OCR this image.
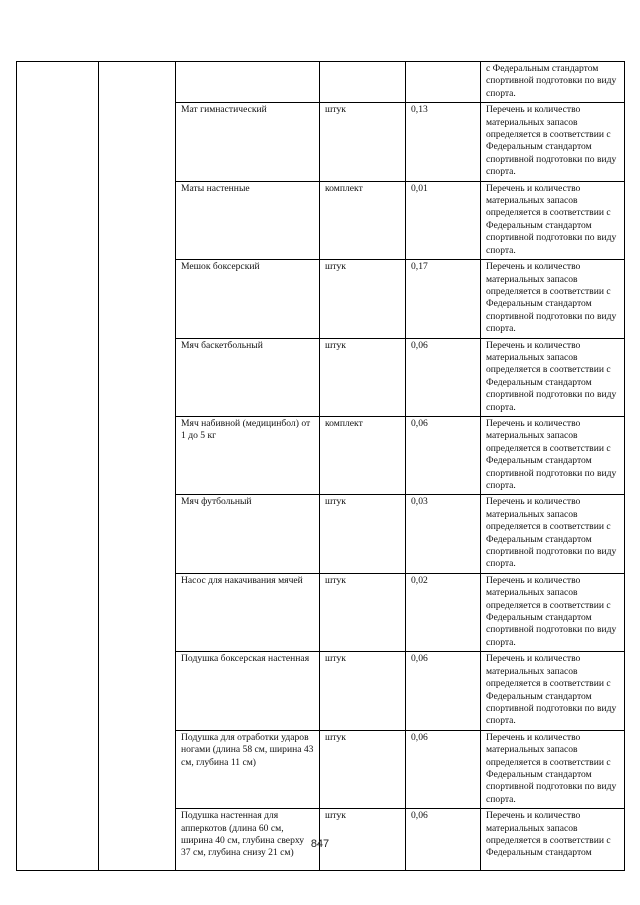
					с Федеральным стандартом спортивной подготовки по виду спорта.
		Мат гимнастический	штук	0,13	Перечень и количество материальных запасов определяется в соответствии с Федеральным стандартом спортивной подготовки по виду спорта.
		Маты настенные	комплект	0,01	Перечень и количество материальных запасов определяется в соответствии с Федеральным стандартом спортивной подготовки по виду спорта.
		Мешок боксерский	штук	0,17	Перечень и количество материальных запасов определяется в соответствии с Федеральным стандартом спортивной подготовки по виду спорта.
		Мяч баскетбольный	штук	0,06	Перечень и количество материальных запасов определяется в соответствии с Федеральным стандартом спортивной подготовки по виду спорта.
		Мяч набивной (медицинбол) от 1 до 5 кг	комплект	0,06	Перечень и количество материальных запасов определяется в соответствии с Федеральным стандартом спортивной подготовки по виду спорта.
		Мяч футбольный	штук	0,03	Перечень и количество материальных запасов определяется в соответствии с Федеральным стандартом спортивной подготовки по виду спорта.
		Насос для накачивания мячей	штук	0,02	Перечень и количество материальных запасов определяется в соответствии с Федеральным стандартом спортивной подготовки по виду спорта.
		Подушка боксерская настенная	штук	0,06	Перечень и количество материальных запасов определяется в соответствии с Федеральным стандартом спортивной подготовки по виду спорта.
		Подушка для отработки ударов ногами (длина 58 см, ширина 43 см, глубина 11 см)	штук	0,06	Перечень и количество материальных запасов определяется в соответствии с Федеральным стандартом спортивной подготовки по виду спорта.
		Подушка настенная для апперкотов (длина 60 см, ширина 40 см, глубина сверху 37 см, глубина снизу 21 см)	штук	0,06	Перечень и количество материальных запасов определяется в соответствии с Федеральным стандартом
847
